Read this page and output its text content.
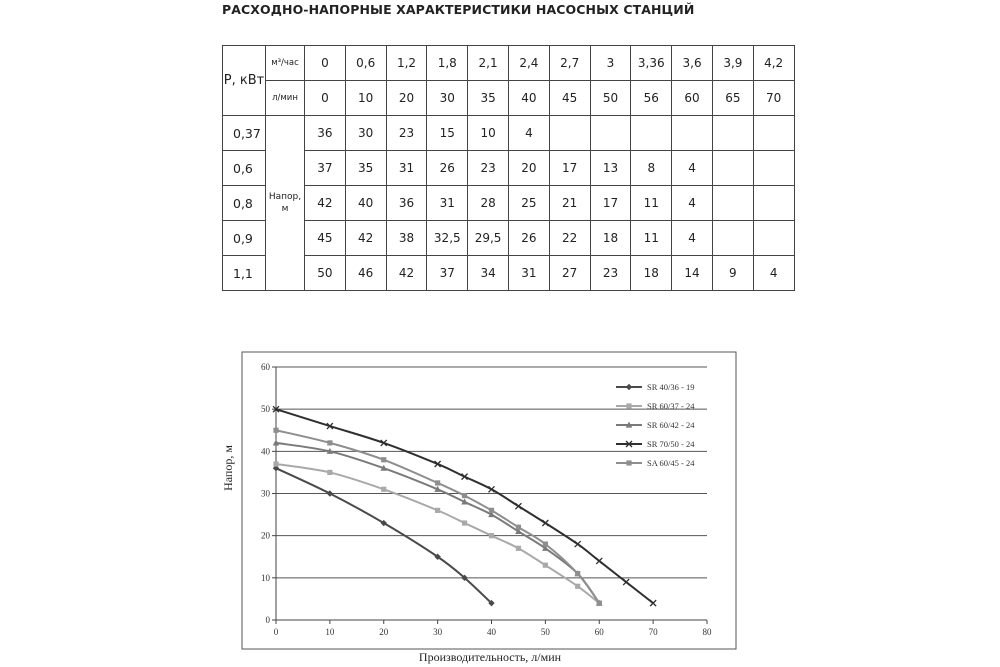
РАСХОДНО-НАПОРНЫЕ ХАРАКТЕРИСТИКИ НАСОСНЫХ СТАНЦИЙ
P, кВт	м³/час	0	0,6	1,2	1,8	2,1	2,4	2,7	3	3,36	3,6	3,9	4,2
	л/мин	0	10	20	30	35	40	45	50	56	60	65	70
0,37	Напор, м	36	30	23	15	10	4						
0,6		37	35	31	26	23	20	17	13	8	4		
0,8		42	40	36	31	28	25	21	17	11	4		
0,9		45	42	38	32,5	29,5	26	22	18	11	4		
1,1		50	46	42	37	34	31	27	23	18	14	9	4
0	10	20	30	40	50	60	70	80
0
10
20
30
40
50
60
SR 40/36 - 19
SR 60/37 - 24
SR 60/42 - 24
SR 70/50 - 24
SA 60/45 - 24
Напор, м
Производительность, л/мин
